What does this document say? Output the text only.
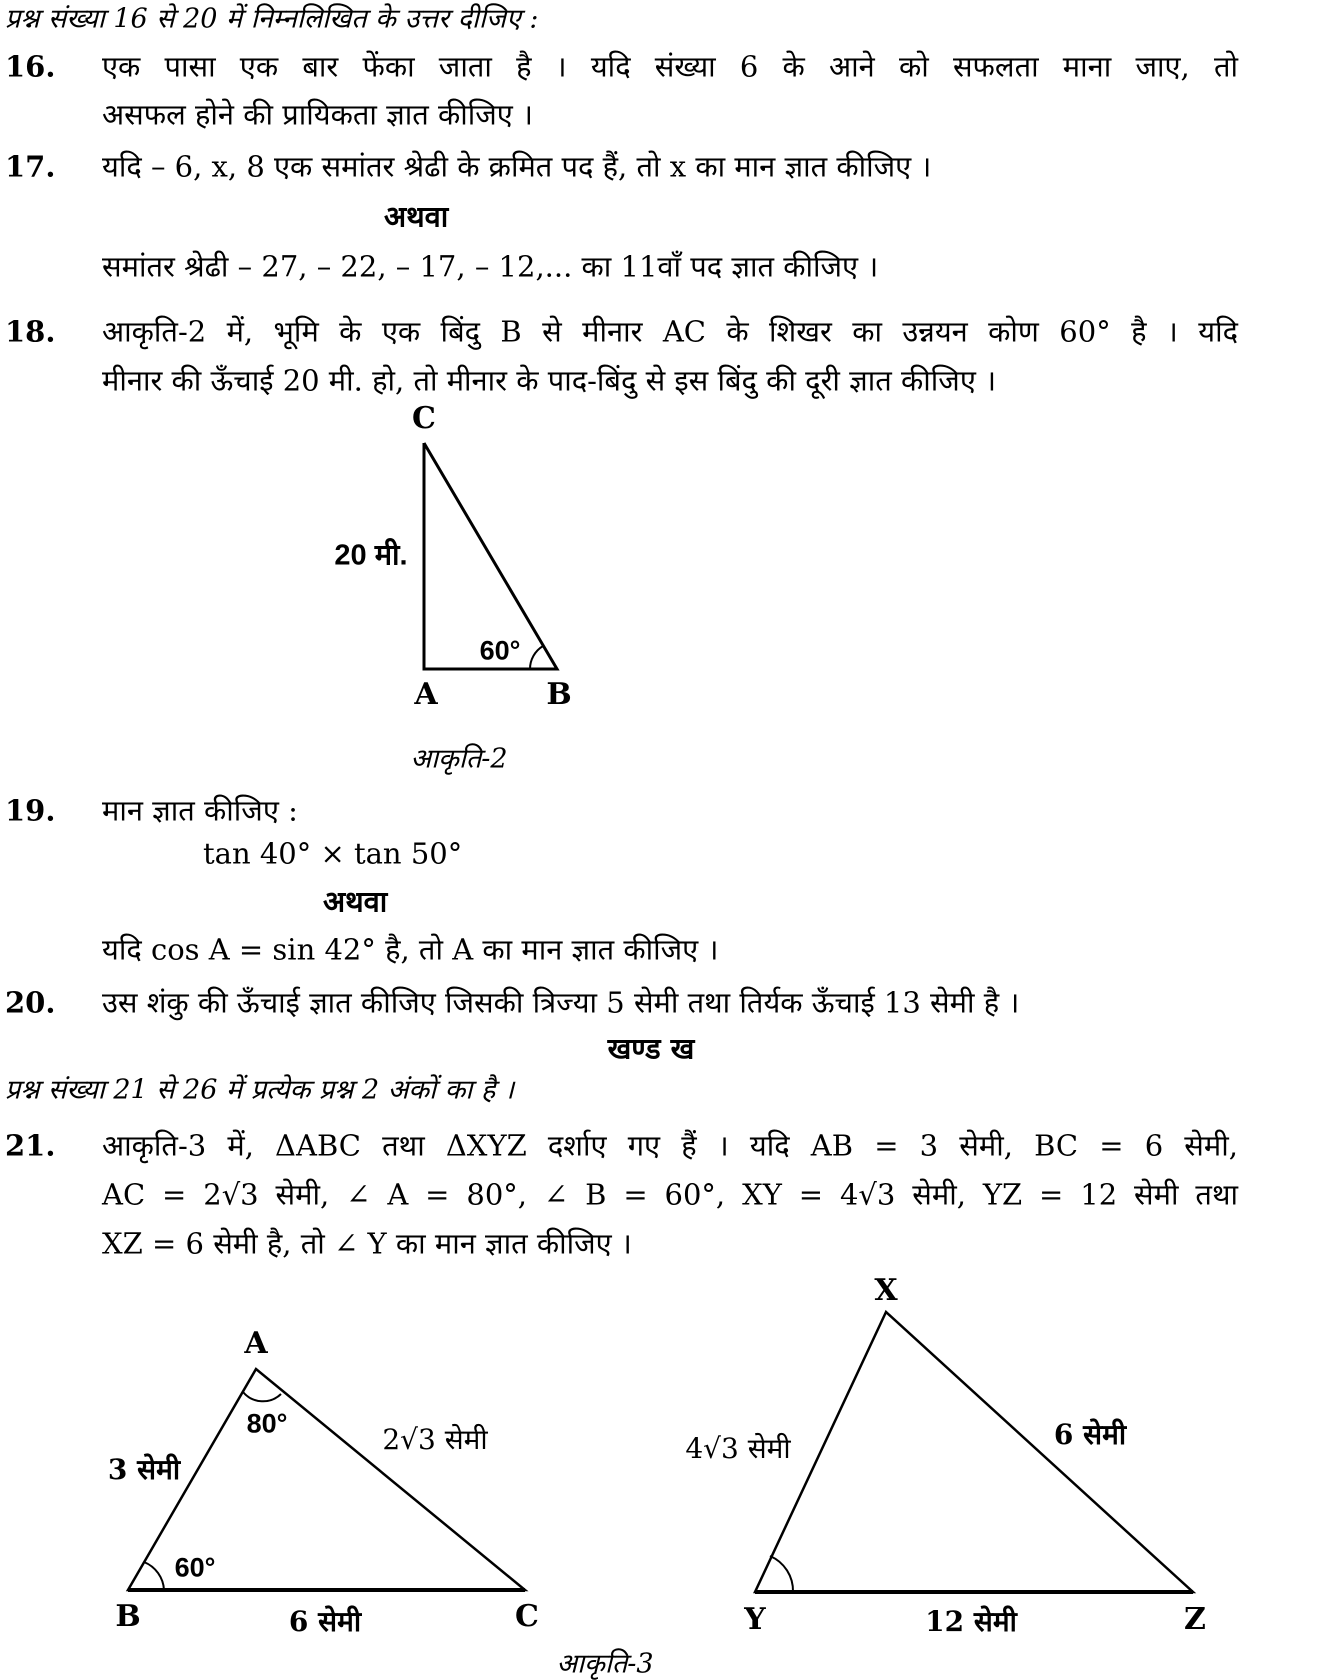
प्रश्न संख्या 16 से 20 में निम्नलिखित के उत्तर दीजिए :
16. एक पासा एक बार फेंका जाता है । यदि संख्या 6 के आने को सफलता माना जाए, तो
असफल होने की प्रायिकता ज्ञात कीजिए ।
17. यदि – 6, x, 8 एक समांतर श्रेढी के क्रमित पद हैं, तो x का मान ज्ञात कीजिए ।
अथवा
समांतर श्रेढी – 27, – 22, – 17, – 12,... का 11वाँ पद ज्ञात कीजिए ।
18. आकृति-2 में, भूमि के एक बिंदु B से मीनार AC के शिखर का उन्नयन कोण 60° है । यदि
मीनार की ऊँचाई 20 मी. हो, तो मीनार के पाद-बिंदु से इस बिंदु की दूरी ज्ञात कीजिए ।
C
20 मी.
60°
A	B
आकृति-2
19. मान ज्ञात कीजिए :
tan 40° × tan 50°
अथवा
यदि cos A = sin 42° है, तो A का मान ज्ञात कीजिए ।
20. उस शंकु की ऊँचाई ज्ञात कीजिए जिसकी त्रिज्या 5 सेमी तथा तिर्यक ऊँचाई 13 सेमी है ।
खण्ड ख
प्रश्न संख्या 21 से 26 में प्रत्येक प्रश्न 2 अंकों का है ।
21. आकृति-3 में, ΔABC तथा ΔXYZ दर्शाए गए हैं । यदि AB = 3 सेमी, BC = 6 सेमी,
AC = 2√3 सेमी, ∠ A = 80°, ∠ B = 60°, XY = 4√3 सेमी, YZ = 12 सेमी तथा
XZ = 6 सेमी है, तो ∠ Y का मान ज्ञात कीजिए ।
A
B	C
80°
60°
3 सेमी
2√3 सेमी
6 सेमी
X
Y	Z
4√3 सेमी	6 सेमी
12 सेमी
आकृति-3
